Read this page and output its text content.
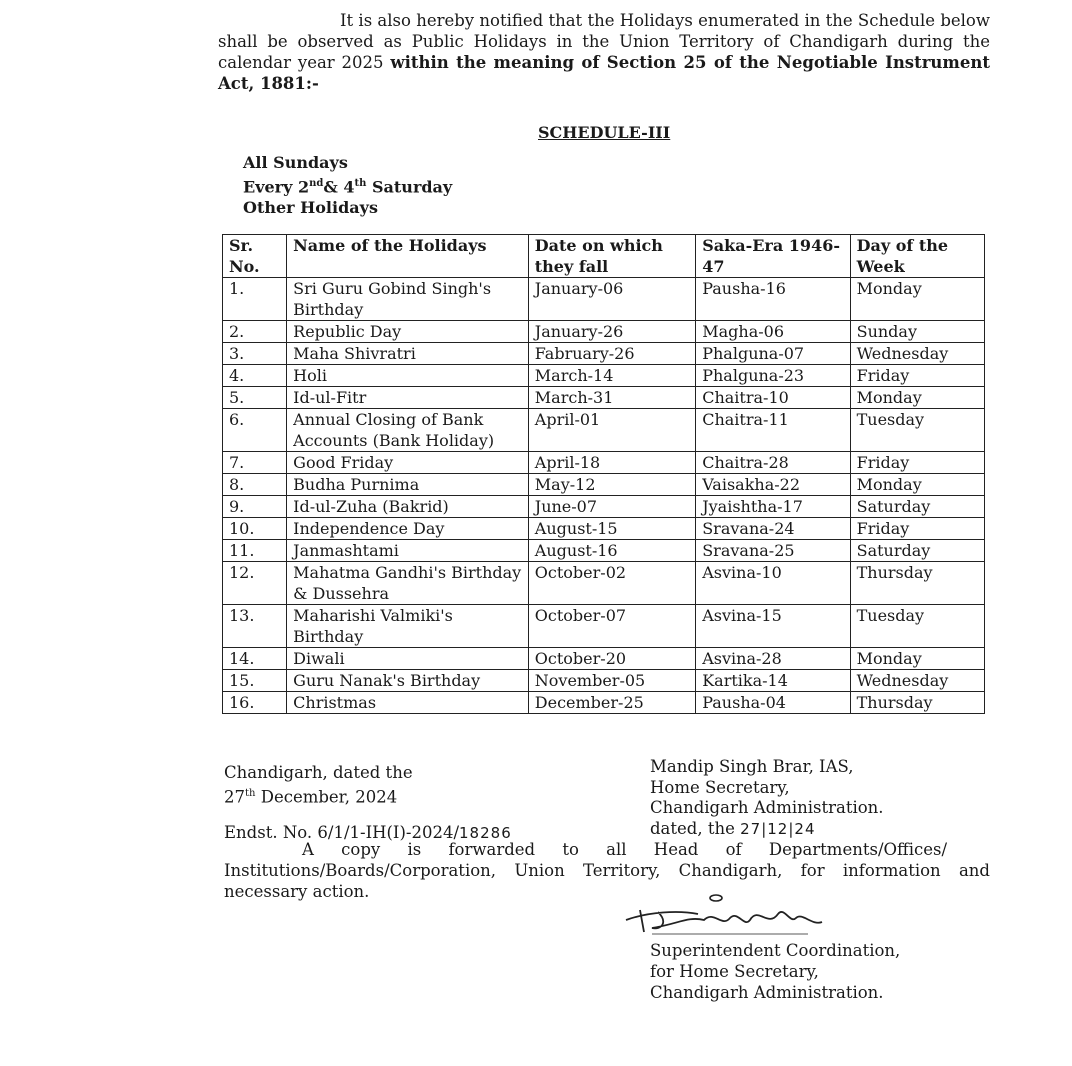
It is also hereby notified that the Holidays enumerated in the Schedule below shall be observed as Public Holidays in the Union Territory of Chandigarh during the calendar year 2025 within the meaning of Section 25 of the Negotiable Instrument Act, 1881:-
SCHEDULE-III
All Sundays
Every 2nd& 4th Saturday
Other Holidays
Sr. No.	Name of the Holidays	Date on which they fall	Saka-Era 1946-47	Day of the Week
1.	Sri Guru Gobind Singh's Birthday	January-06	Pausha-16	Monday
2.	Republic Day	January-26	Magha-06	Sunday
3.	Maha Shivratri	Fabruary-26	Phalguna-07	Wednesday
4.	Holi	March-14	Phalguna-23	Friday
5.	Id-ul-Fitr	March-31	Chaitra-10	Monday
6.	Annual Closing of Bank Accounts (Bank Holiday)	April-01	Chaitra-11	Tuesday
7.	Good Friday	April-18	Chaitra-28	Friday
8.	Budha Purnima	May-12	Vaisakha-22	Monday
9.	Id-ul-Zuha (Bakrid)	June-07	Jyaishtha-17	Saturday
10.	Independence Day	August-15	Sravana-24	Friday
11.	Janmashtami	August-16	Sravana-25	Saturday
12.	Mahatma Gandhi's Birthday & Dussehra	October-02	Asvina-10	Thursday
13.	Maharishi Valmiki's Birthday	October-07	Asvina-15	Tuesday
14.	Diwali	October-20	Asvina-28	Monday
15.	Guru Nanak's Birthday	November-05	Kartika-14	Wednesday
16.	Christmas	December-25	Pausha-04	Thursday
Chandigarh, dated the
27th December, 2024
Mandip Singh Brar, IAS,
Home Secretary,
Chandigarh Administration.
dated, the 27|12|24
Endst. No. 6/1/1-IH(I)-2024/18286
A copy is forwarded to all Head of Departments/Offices/
Institutions/Boards/Corporation, Union Territory, Chandigarh, for information and necessary action.
Superintendent Coordination,
for Home Secretary,
Chandigarh Administration.
